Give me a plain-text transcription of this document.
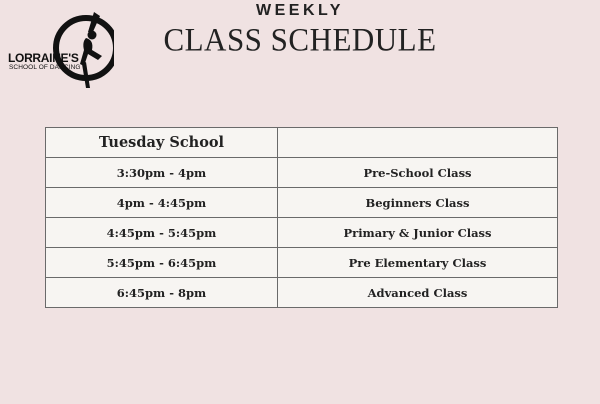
LORRAINE'S
SCHOOL OF DANCING
WEEKLY
CLASS SCHEDULE
Tuesday School	
3:30pm - 4pm	Pre-School Class
4pm - 4:45pm	Beginners Class
4:45pm - 5:45pm	Primary & Junior Class
5:45pm - 6:45pm	Pre Elementary Class
6:45pm - 8pm	Advanced Class
